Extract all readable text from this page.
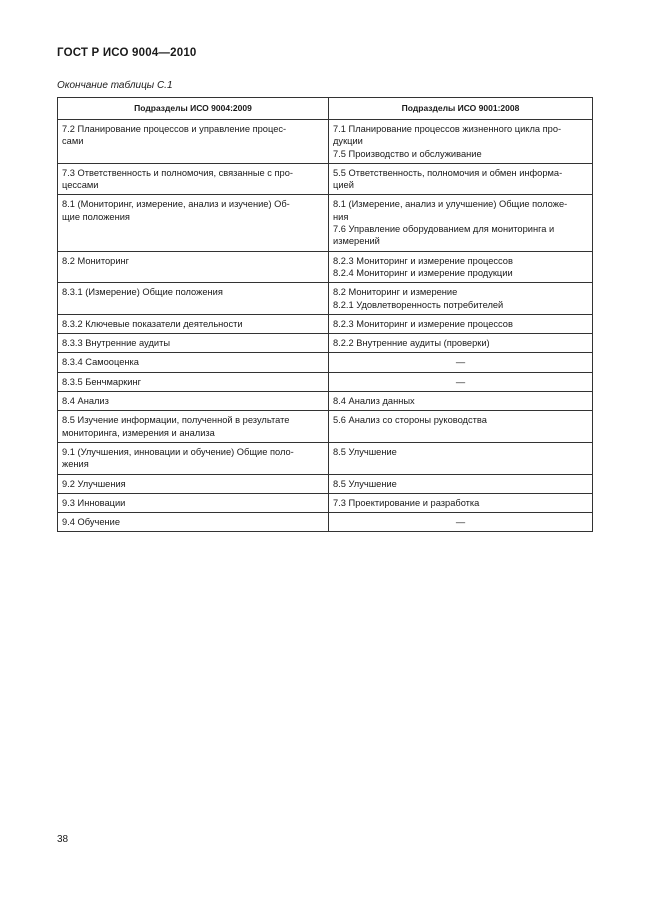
ГОСТ Р ИСО 9004—2010
Окончание таблицы С.1
Подразделы ИСО 9004:2009	Подразделы ИСО 9001:2008

7.2 Планирование процессов и управление процес-
сами	7.1 Планирование процессов жизненного цикла про-
дукции
7.5 Производство и обслуживание

7.3 Ответственность и полномочия, связанные с про-
цессами	5.5 Ответственность, полномочия и обмен информа-
цией

8.1 (Мониторинг, измерение, анализ и изучение) Об-
щие положения	8.1 (Измерение, анализ и улучшение) Общие положе-
ния
7.6 Управление оборудованием для мониторинга и
измерений

8.2 Мониторинг	8.2.3 Мониторинг и измерение процессов
8.2.4 Мониторинг и измерение продукции

8.3.1 (Измерение) Общие положения	8.2 Мониторинг и измерение
8.2.1 Удовлетворенность потребителей

8.3.2 Ключевые показатели деятельности	8.2.3 Мониторинг и измерение процессов

8.3.3 Внутренние аудиты	8.2.2 Внутренние аудиты (проверки)

8.3.4 Самооценка	—

8.3.5 Бенчмаркинг	—

8.4 Анализ	8.4 Анализ данных

8.5 Изучение информации, полученной в результате
мониторинга, измерения и анализа	5.6 Анализ со стороны руководства

9.1 (Улучшения, инновации и обучение) Общие поло-
жения	8.5 Улучшение

9.2 Улучшения	8.5 Улучшение

9.3 Инновации	7.3 Проектирование и разработка

9.4 Обучение	—
38
